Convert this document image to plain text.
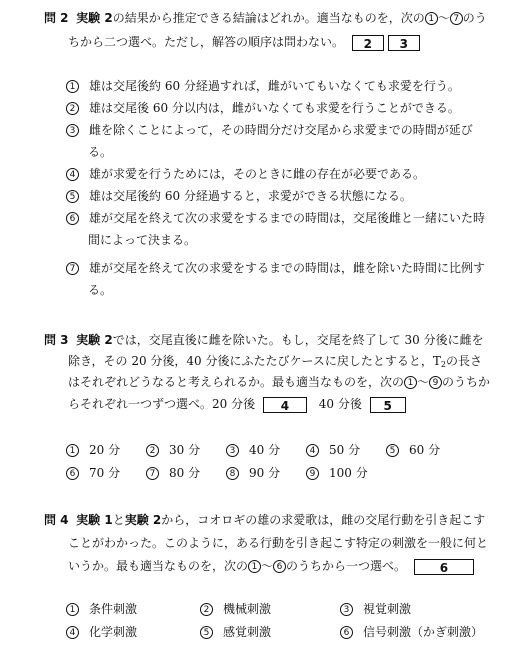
問 2 実験 2の結果から推定できる結論はどれか。適当なものを，次の 1 ～ 7 のう
ちから二つ選べ。ただし，解答の順序は問わない。 2 3
1 雄は交尾後約 60 分経過すれば，雌がいてもいなくても求愛を行う。
2 雄は交尾後 60 分以内は，雌がいなくても求愛を行うことができる。
3 雌を除くことによって，その時間分だけ交尾から求愛までの時間が延び
る。
4 雄が求愛を行うためには，そのときに雌の存在が必要である。
5 雄は交尾後約 60 分経過すると，求愛ができる状態になる。
6 雄が交尾を終えて次の求愛をするまでの時間は，交尾後雌と一緒にいた時
間によって決まる。
7 雄が交尾を終えて次の求愛をするまでの時間は，雌を除いた時間に比例す
る。
問 3 実験 2では，交尾直後に雌を除いた。もし，交尾を終了して 30 分後に雌を
除き，その 20 分後，40 分後にふたたびケースに戻したとすると，$T_2$の長さ
はそれぞれどうなると考えられるか。最も適当なものを，次の 1 ～ 9 のうちか
らそれぞれ一つずつ選べ。20 分後 4 40 分後 5
1 20 分	2 30 分	3 40 分	4 50 分	5 60 分
6 70 分	7 80 分	8 90 分	9 100 分
問 4 実験 1と実験 2から，コオロギの雄の求愛歌は，雌の交尾行動を引き起こす
ことがわかった。このように，ある行動を引き起こす特定の刺激を一般に何と
いうか。最も適当なものを，次の 1 ～ 6 のうちから一つ選べ。	6
1 条件刺激	2 機械刺激	3 視覚刺激
4 化学刺激	5 感覚刺激	6 信号刺激（かぎ刺激）
